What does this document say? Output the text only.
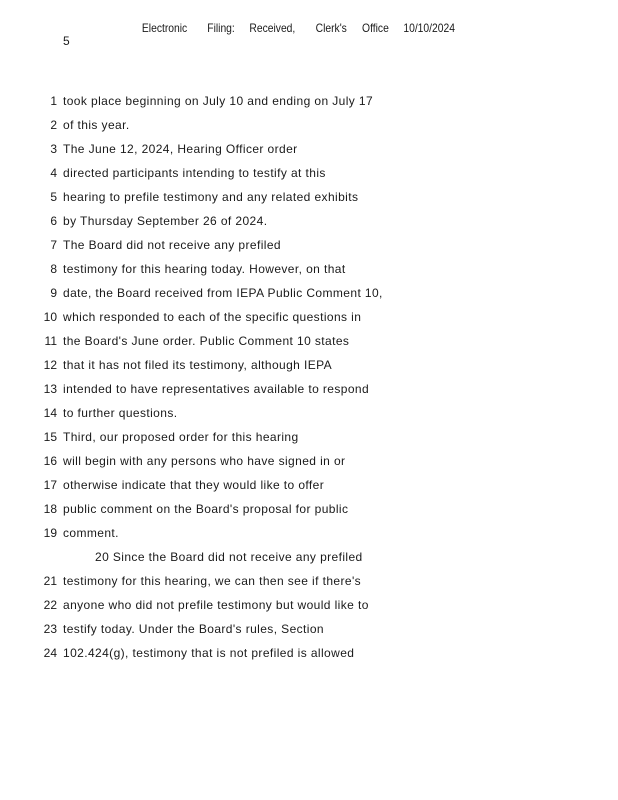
Electronic Filing: Received, Clerk's Office 10/10/2024
5
1 took place beginning on July 10 and ending on July 17
2 of this year.
3 The June 12, 2024, Hearing Officer order
4 directed participants intending to testify at this
5 hearing to prefile testimony and any related exhibits
6 by Thursday September 26 of 2024.
7 The Board did not receive any prefiled
8 testimony for this hearing today. However, on that
9 date, the Board received from IEPA Public Comment 10,
10 which responded to each of the specific questions in
11 the Board's June order. Public Comment 10 states
12 that it has not filed its testimony, although IEPA
13 intended to have representatives available to respond
14 to further questions.
15 Third, our proposed order for this hearing
16 will begin with any persons who have signed in or
17 otherwise indicate that they would like to offer
18 public comment on the Board's proposal for public
19 comment.
20 Since the Board did not receive any prefiled
21 testimony for this hearing, we can then see if there's
22 anyone who did not prefile testimony but would like to
23 testify today. Under the Board's rules, Section
24 102.424(g), testimony that is not prefiled is allowed
